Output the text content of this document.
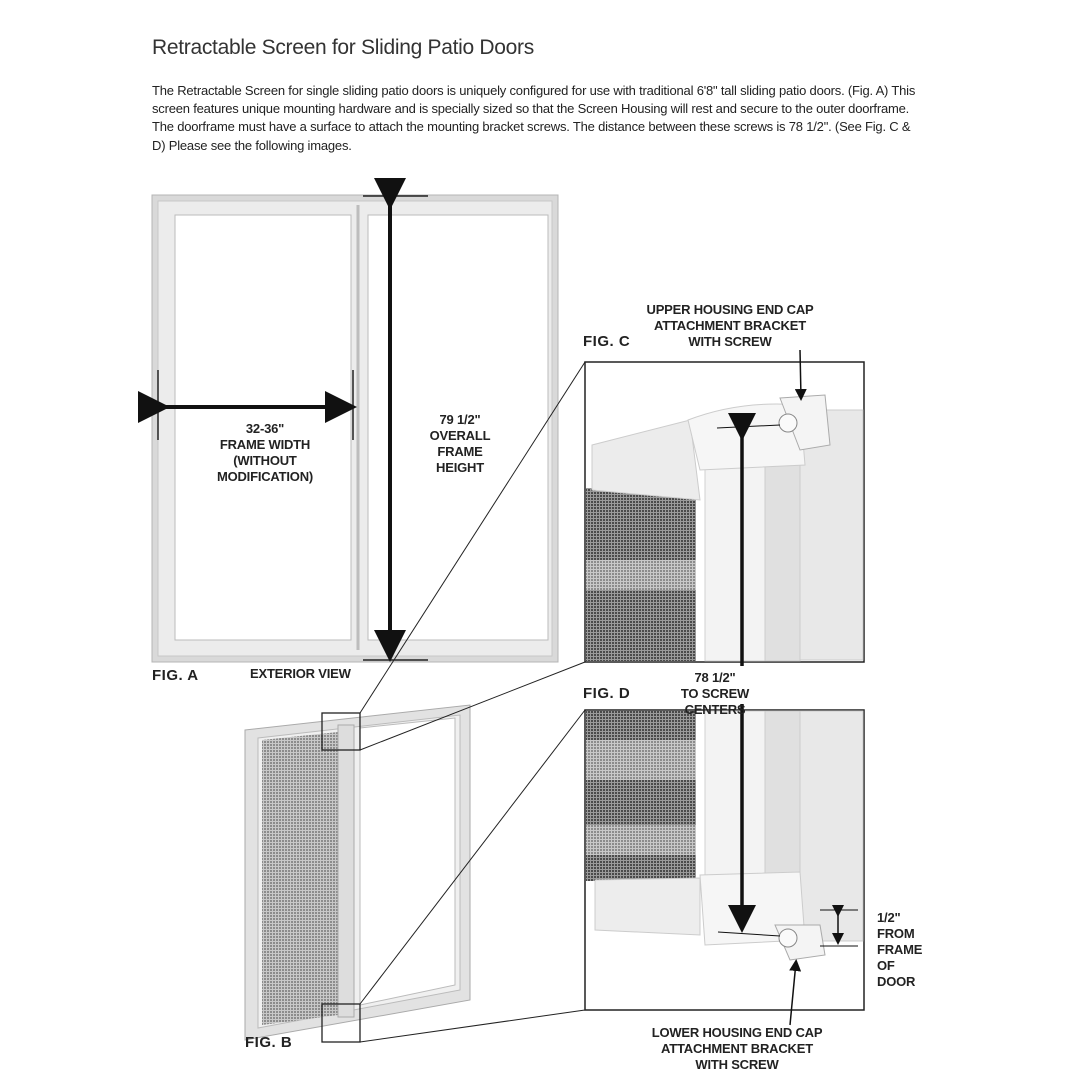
Retractable Screen for Sliding Patio Doors
The Retractable Screen for single sliding patio doors is uniquely configured for use with traditional 6'8" tall sliding patio doors. (Fig. A) This screen features unique mounting hardware and is specially sized so that the Screen Housing will rest and secure to the outer doorframe. The doorframe must have a surface to attach the mounting bracket screws. The distance between these screws is 78 1/2". (See Fig. C & D) Please see the following images.
32-36"
FRAME WIDTH
(WITHOUT
MODIFICATION)
79 1/2"
OVERALL
FRAME
HEIGHT
FIG. A	EXTERIOR VIEW
FIG. B
FIG. C
FIG. D
UPPER HOUSING END CAP
ATTACHMENT BRACKET
WITH SCREW
78 1/2"
TO SCREW CENTERS
LOWER HOUSING END CAP
ATTACHMENT BRACKET
WITH SCREW
1/2"
FROM
FRAME
OF
DOOR
